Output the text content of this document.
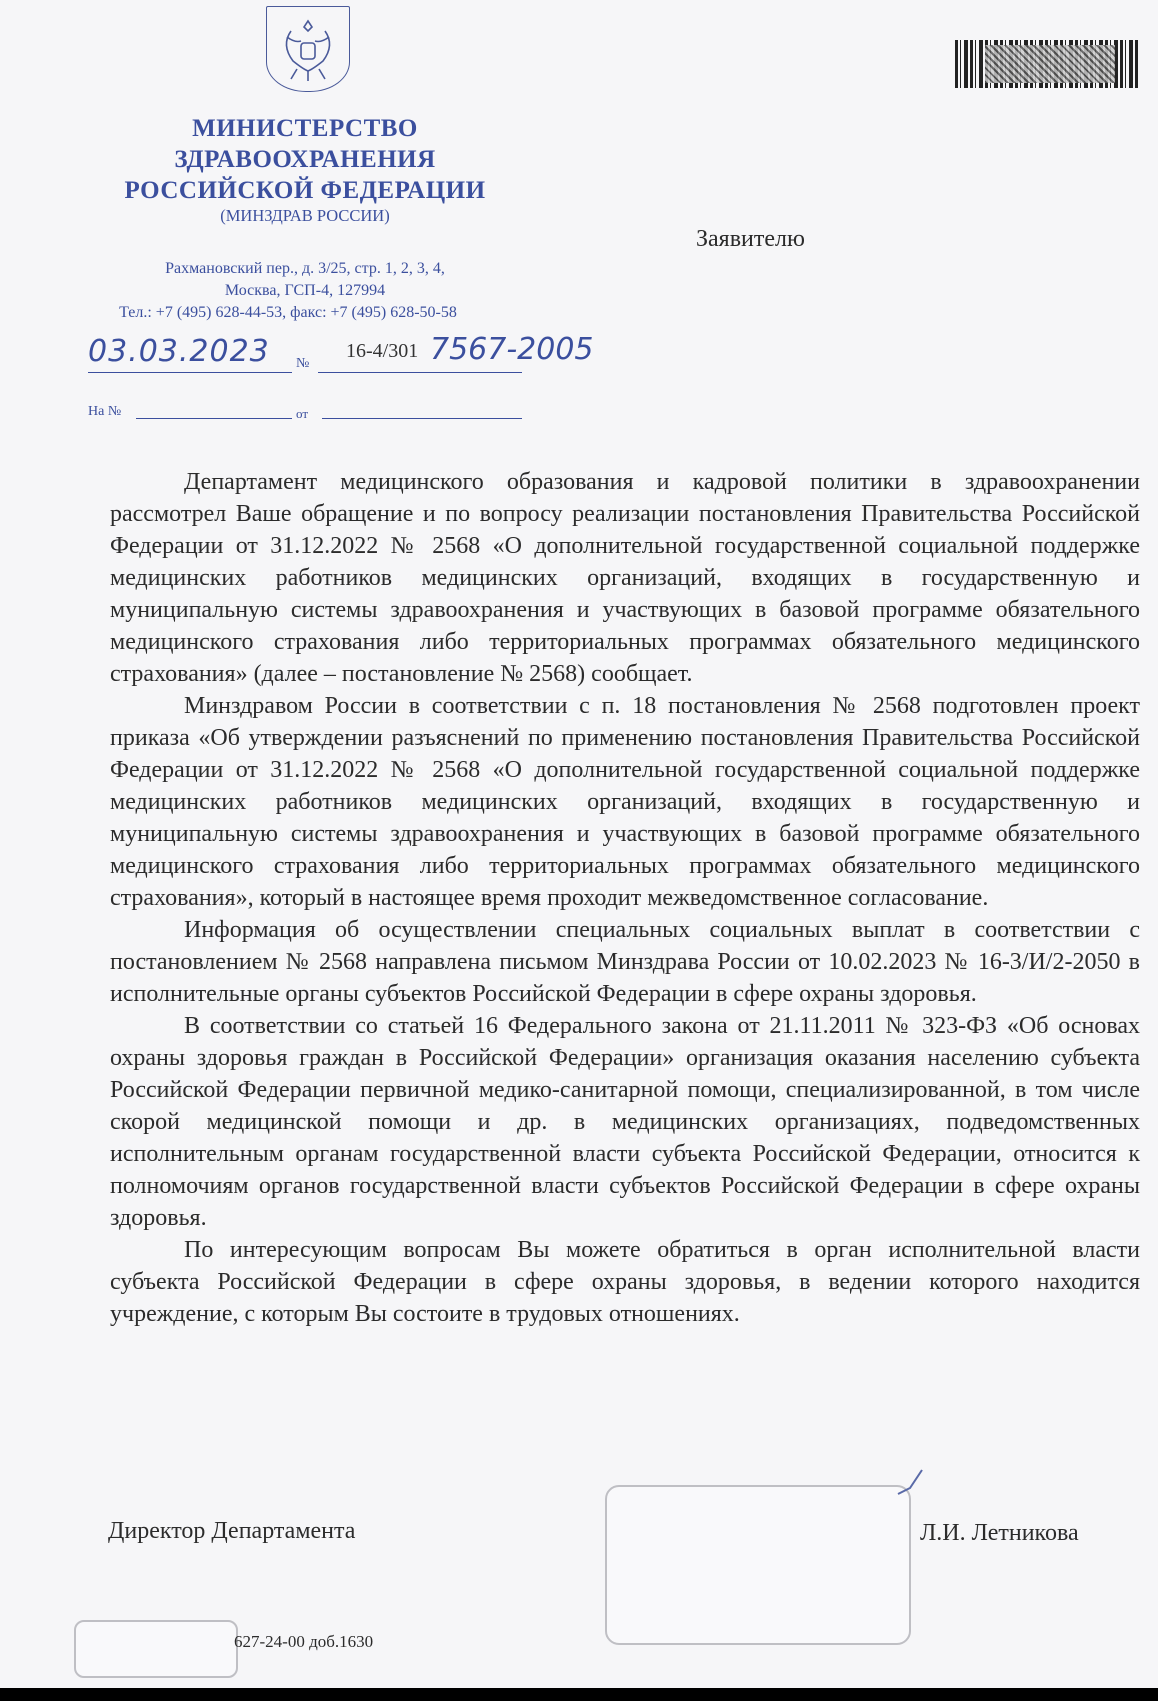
МИНИСТЕРСТВО
ЗДРАВООХРАНЕНИЯ
РОССИЙСКОЙ ФЕДЕРАЦИИ
(МИНЗДРАВ РОССИИ)
Рахмановский пер., д. 3/25, стр. 1, 2, 3, 4,
Москва, ГСП-4, 127994
Тел.: +7 (495) 628-44-53, факс: +7 (495) 628-50-58
03.03.2023 №
16-4/301 7567-2005
На №	от
Заявителю

Департамент медицинского образования и кадровой политики в здравоохранении рассмотрел Ваше обращение и по вопросу реализации постановления Правительства Российской Федерации от 31.12.2022 № 2568 «О дополнительной государственной социальной поддержке медицинских работников медицинских организаций, входящих в государственную и муниципальную системы здравоохранения и участвующих в базовой программе обязательного медицинского страхования либо территориальных программах обязательного медицинского страхования» (далее – постановление № 2568) сообщает.

Минздравом России в соответствии с п. 18 постановления № 2568 подготовлен проект приказа «Об утверждении разъяснений по применению постановления Правительства Российской Федерации от 31.12.2022 № 2568 «О дополнительной государственной социальной поддержке медицинских работников медицинских организаций, входящих в государственную и муниципальную системы здравоохранения и участвующих в базовой программе обязательного медицинского страхования либо территориальных программах обязательного медицинского страхования», который в настоящее время проходит межведомственное согласование.

Информация об осуществлении специальных социальных выплат в соответствии с постановлением № 2568 направлена письмом Минздрава России от 10.02.2023 № 16-3/И/2-2050 в исполнительные органы субъектов Российской Федерации в сфере охраны здоровья.

В соответствии со статьей 16 Федерального закона от 21.11.2011 № 323-ФЗ «Об основах охраны здоровья граждан в Российской Федерации» организация оказания населению субъекта Российской Федерации первичной медико-санитарной помощи, специализированной, в том числе скорой медицинской помощи и др. в медицинских организациях, подведомственных исполнительным органам государственной власти субъекта Российской Федерации, относится к полномочиям органов государственной власти субъектов Российской Федерации в сфере охраны здоровья.

По интересующим вопросам Вы можете обратиться в орган исполнительной власти субъекта Российской Федерации в сфере охраны здоровья, в ведении которого находится учреждение, с которым Вы состоите в трудовых отношениях.

Директор Департамента	Л.И. Летникова
627-24-00 доб.1630
